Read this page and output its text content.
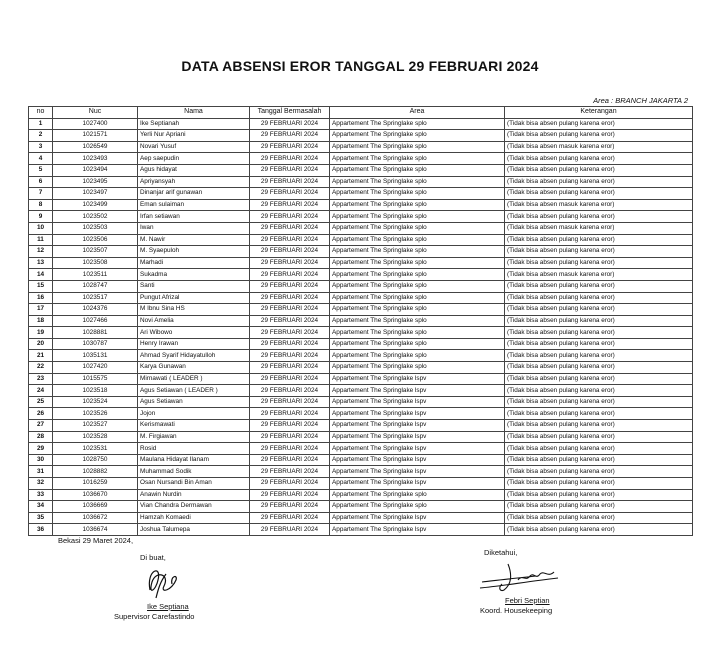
DATA ABSENSI EROR TANGGAL 29 FEBRUARI 2024
Area : BRANCH JAKARTA 2
no	Nuc	Nama	Tanggal Bermasalah	Area	Keterangan
1	1027400	Ike Septianah	29 FEBRUARI 2024	Appartement The Springlake splo	(Tidak bisa absen pulang karena eror)
2	1021571	Yerli Nur Apriani	29 FEBRUARI 2024	Appartement The Springlake splo	(Tidak bisa absen pulang karena eror)
3	1026549	Novari Yusuf	29 FEBRUARI 2024	Appartement The Springlake splo	(Tidak bisa absen masuk karena eror)
4	1023493	Aep saepudin	29 FEBRUARI 2024	Appartement The Springlake splo	(Tidak bisa absen pulang karena eror)
5	1023494	Agus hidayat	29 FEBRUARI 2024	Appartement The Springlake splo	(Tidak bisa absen pulang karena eror)
6	1023495	Apriyansyah	29 FEBRUARI 2024	Appartement The Springlake splo	(Tidak bisa absen pulang karena eror)
7	1023497	Dinanjar arif gunawan	29 FEBRUARI 2024	Appartement The Springlake splo	(Tidak bisa absen pulang karena eror)
8	1023499	Eman sulaiman	29 FEBRUARI 2024	Appartement The Springlake splo	(Tidak bisa absen masuk karena eror)
9	1023502	Irfan setiawan	29 FEBRUARI 2024	Appartement The Springlake splo	(Tidak bisa absen pulang karena eror)
10	1023503	Iwan	29 FEBRUARI 2024	Appartement The Springlake splo	(Tidak bisa absen masuk karena eror)
11	1023506	M. Nawir	29 FEBRUARI 2024	Appartement The Springlake splo	(Tidak bisa absen pulang karena eror)
12	1023507	M. Syaepuloh	29 FEBRUARI 2024	Appartement The Springlake splo	(Tidak bisa absen pulang karena eror)
13	1023508	Marhadi	29 FEBRUARI 2024	Appartement The Springlake splo	(Tidak bisa absen pulang karena eror)
14	1023511	Sukadma	29 FEBRUARI 2024	Appartement The Springlake splo	(Tidak bisa absen masuk karena eror)
15	1028747	Santi	29 FEBRUARI 2024	Appartement The Springlake splo	(Tidak bisa absen pulang karena eror)
16	1023517	Pungut Afrizal	29 FEBRUARI 2024	Appartement The Springlake splo	(Tidak bisa absen pulang karena eror)
17	1024376	M Ibnu Sina HS	29 FEBRUARI 2024	Appartement The Springlake splo	(Tidak bisa absen pulang karena eror)
18	1027466	Novi Amelia	29 FEBRUARI 2024	Appartement The Springlake splo	(Tidak bisa absen pulang karena eror)
19	1028881	Ari Wibowo	29 FEBRUARI 2024	Appartement The Springlake splo	(Tidak bisa absen pulang karena eror)
20	1030787	Henry Irawan	29 FEBRUARI 2024	Appartement The Springlake splo	(Tidak bisa absen pulang karena eror)
21	1035131	Ahmad Syarif Hidayatulloh	29 FEBRUARI 2024	Appartement The Springlake splo	(Tidak bisa absen pulang karena eror)
22	1027420	Karya Gunawan	29 FEBRUARI 2024	Appartement The Springlake splo	(Tidak bisa absen pulang karena eror)
23	1015575	Mirnawati ( LEADER )	29 FEBRUARI 2024	Appartement The Springlake lspv	(Tidak bisa absen pulang karena eror)
24	1023518	Agus Setiawan ( LEADER )	29 FEBRUARI 2024	Appartement The Springlake lspv	(Tidak bisa absen pulang karena eror)
25	1023524	Agus Setiawan	29 FEBRUARI 2024	Appartement The Springlake lspv	(Tidak bisa absen pulang karena eror)
26	1023526	Jojon	29 FEBRUARI 2024	Appartement The Springlake lspv	(Tidak bisa absen pulang karena eror)
27	1023527	Kerismawati	29 FEBRUARI 2024	Appartement The Springlake lspv	(Tidak bisa absen pulang karena eror)
28	1023528	M. Firgiawan	29 FEBRUARI 2024	Appartement The Springlake lspv	(Tidak bisa absen pulang karena eror)
29	1023531	Rosid	29 FEBRUARI 2024	Appartement The Springlake lspv	(Tidak bisa absen pulang karena eror)
30	1028750	Maulana Hidayat Ilanam	29 FEBRUARI 2024	Appartement The Springlake lspv	(Tidak bisa absen pulang karena eror)
31	1028882	Muhammad Sodik	29 FEBRUARI 2024	Appartement The Springlake lspv	(Tidak bisa absen pulang karena eror)
32	1016259	Osan Nursandi Bin Aman	29 FEBRUARI 2024	Appartement The Springlake lspv	(Tidak bisa absen pulang karena eror)
33	1036670	Anawin Nurdin	29 FEBRUARI 2024	Appartement The Springlake splo	(Tidak bisa absen pulang karena eror)
34	1036669	Vian Chandra Dermawan	29 FEBRUARI 2024	Appartement The Springlake splo	(Tidak bisa absen pulang karena eror)
35	1036672	Hamzah Komaedi	29 FEBRUARI 2024	Appartement The Springlake lspv	(Tidak bisa absen pulang karena eror)
36	1036674	Joshua Talumepa	29 FEBRUARI 2024	Appartement The Springlake lspv	(Tidak bisa absen pulang karena eror)
Bekasi 29 Maret 2024,
Di buat,
Diketahui,
Ike Septiana
Supervisor Carefastindo
Febri Septian
Koord. Housekeeping
